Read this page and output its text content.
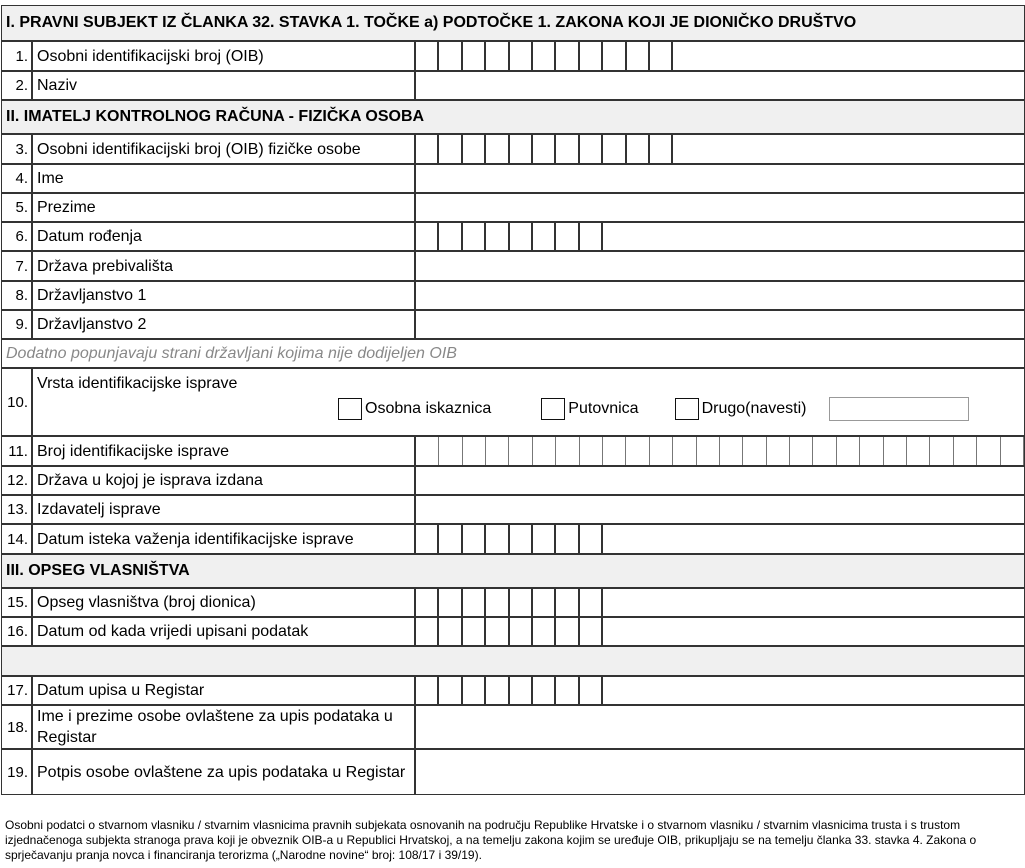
I. PRAVNI SUBJEKT IZ ČLANKA 32. STAVKA 1. TOČKE a) PODTOČKE 1. ZAKONA KOJI JE DIONIČKO DRUŠTVO
1. Osobni identifikacijski broj (OIB)
2. Naziv
II. IMATELJ KONTROLNOG RAČUNA - FIZIČKA OSOBA
3. Osobni identifikacijski broj (OIB) fizičke osobe
4. Ime
5. Prezime
6. Datum rođenja
7. Država prebivališta
8. Državljanstvo 1
9. Državljanstvo 2
Dodatno popunjavaju strani državljani kojima nije dodijeljen OIB
10.
Vrsta identifikacijske isprave
Osobna iskaznica	Putovnica	Drugo(navesti)
11. Broj identifikacijske isprave
12. Država u kojoj je isprava izdana
13. Izdavatelj isprave
14. Datum isteka važenja identifikacijske isprave
III. OPSEG VLASNIŠTVA
15. Opseg vlasništva (broj dionica)
16. Datum od kada vrijedi upisani podatak
17. Datum upisa u Registar
18.
Ime i prezime osobe ovlaštene za upis podataka u Registar
19. Potpis osobe ovlaštene za upis podataka u Registar
Osobni podatci o stvarnom vlasniku / stvarnim vlasnicima pravnih subjekata osnovanih na području Republike Hrvatske i o stvarnom vlasniku / stvarnim vlasnicima trusta i s trustom izjednačenoga subjekta stranoga prava koji je obveznik OIB-a u Republici Hrvatskoj, a na temelju zakona kojim se uređuje OIB, prikupljaju se na temelju članka 33. stavka 4. Zakona o sprječavanju pranja novca i financiranja terorizma („Narodne novine“ broj: 108/17 i 39/19).
